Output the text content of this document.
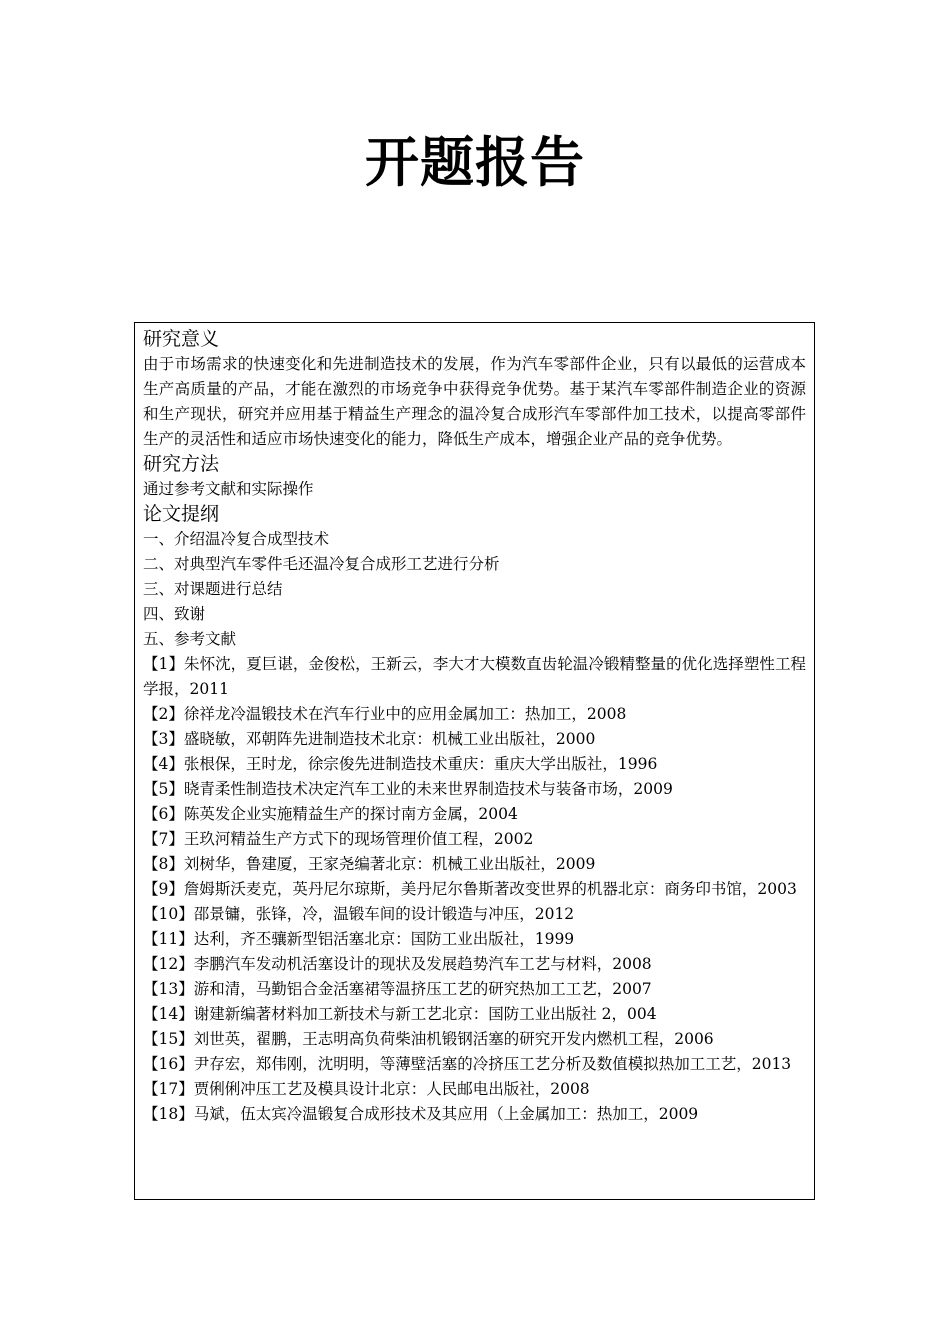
开题报告
研究意义
由于市场需求的快速变化和先进制造技术的发展，作为汽车零部件企业，只有以最低的运营成本生产高质量的产品，才能在激烈的市场竞争中获得竞争优势。基于某汽车零部件制造企业的资源和生产现状，研究并应用基于精益生产理念的温冷复合成形汽车零部件加工技术，以提高零部件生产的灵活性和适应市场快速变化的能力，降低生产成本，增强企业产品的竞争优势。
研究方法
通过参考文献和实际操作
论文提纲
一、介绍温冷复合成型技术
二、对典型汽车零件毛还温冷复合成形工艺进行分析
三、对课题进行总结
四、致谢
五、参考文献
【1】朱怀沈，夏巨谌，金俊松，王新云，李大才大模数直齿轮温冷锻精整量的优化选择塑性工程学报，2011
【2】徐祥龙冷温锻技术在汽车行业中的应用金属加工：热加工，2008
【3】盛晓敏，邓朝阵先进制造技术北京：机械工业出版社，2000
【4】张根保，王时龙，徐宗俊先进制造技术重庆：重庆大学出版社，1996
【5】晓青柔性制造技术决定汽车工业的未来世界制造技术与装备市场，2009
【6】陈英发企业实施精益生产的探讨南方金属，2004
【7】王玖河精益生产方式下的现场管理价值工程，2002
【8】刘树华，鲁建厦，王家尧编著北京：机械工业出版社，2009
【9】詹姆斯沃麦克，英丹尼尔琼斯，美丹尼尔鲁斯著改变世界的机器北京：商务印书馆，2003
【10】邵景镛，张锋，冷，温锻车间的设计锻造与冲压，2012
【11】达利，齐丕骧新型铝活塞北京：国防工业出版社，1999
【12】李鹏汽车发动机活塞设计的现状及发展趋势汽车工艺与材料，2008
【13】游和清，马勤铝合金活塞裙等温挤压工艺的研究热加工工艺，2007
【14】谢建新编著材料加工新技术与新工艺北京：国防工业出版社 2，004
【15】刘世英，翟鹏，王志明高负荷柴油机锻钢活塞的研究开发内燃机工程，2006
【16】尹存宏，郑伟刚，沈明明，等薄壁活塞的冷挤压工艺分析及数值模拟热加工工艺，2013
【17】贾俐俐冲压工艺及模具设计北京：人民邮电出版社，2008
【18】马斌，伍太宾冷温锻复合成形技术及其应用（上金属加工：热加工，2009
